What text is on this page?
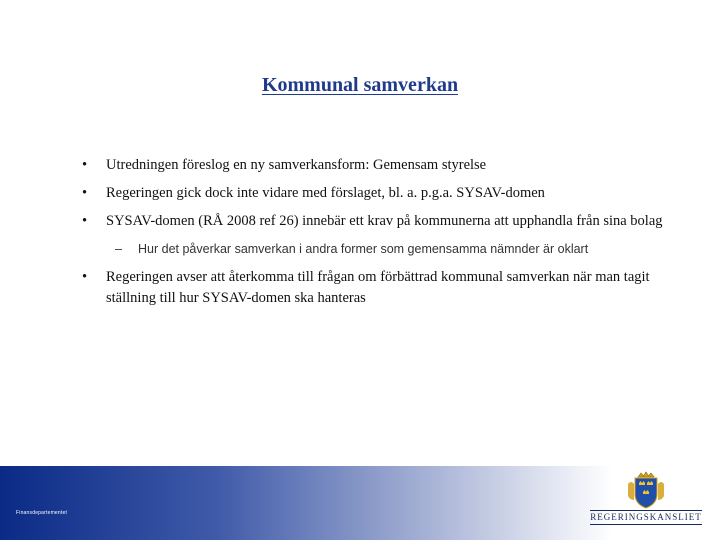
Kommunal samverkan
• Utredningen föreslog en ny samverkansform: Gemensam styrelse
• Regeringen gick dock inte vidare med förslaget, bl. a. p.g.a. SYSAV-domen
• SYSAV-domen (RÅ 2008 ref 26) innebär ett krav på kommunerna att upphandla från sina bolag
– Hur det påverkar samverkan i andra former som gemensamma nämnder är oklart
• Regeringen avser att återkomma till frågan om förbättrad kommunal samverkan när man tagit ställning till hur SYSAV-domen ska hanteras
Finansdepartementet	REGERINGSKANSLIET
